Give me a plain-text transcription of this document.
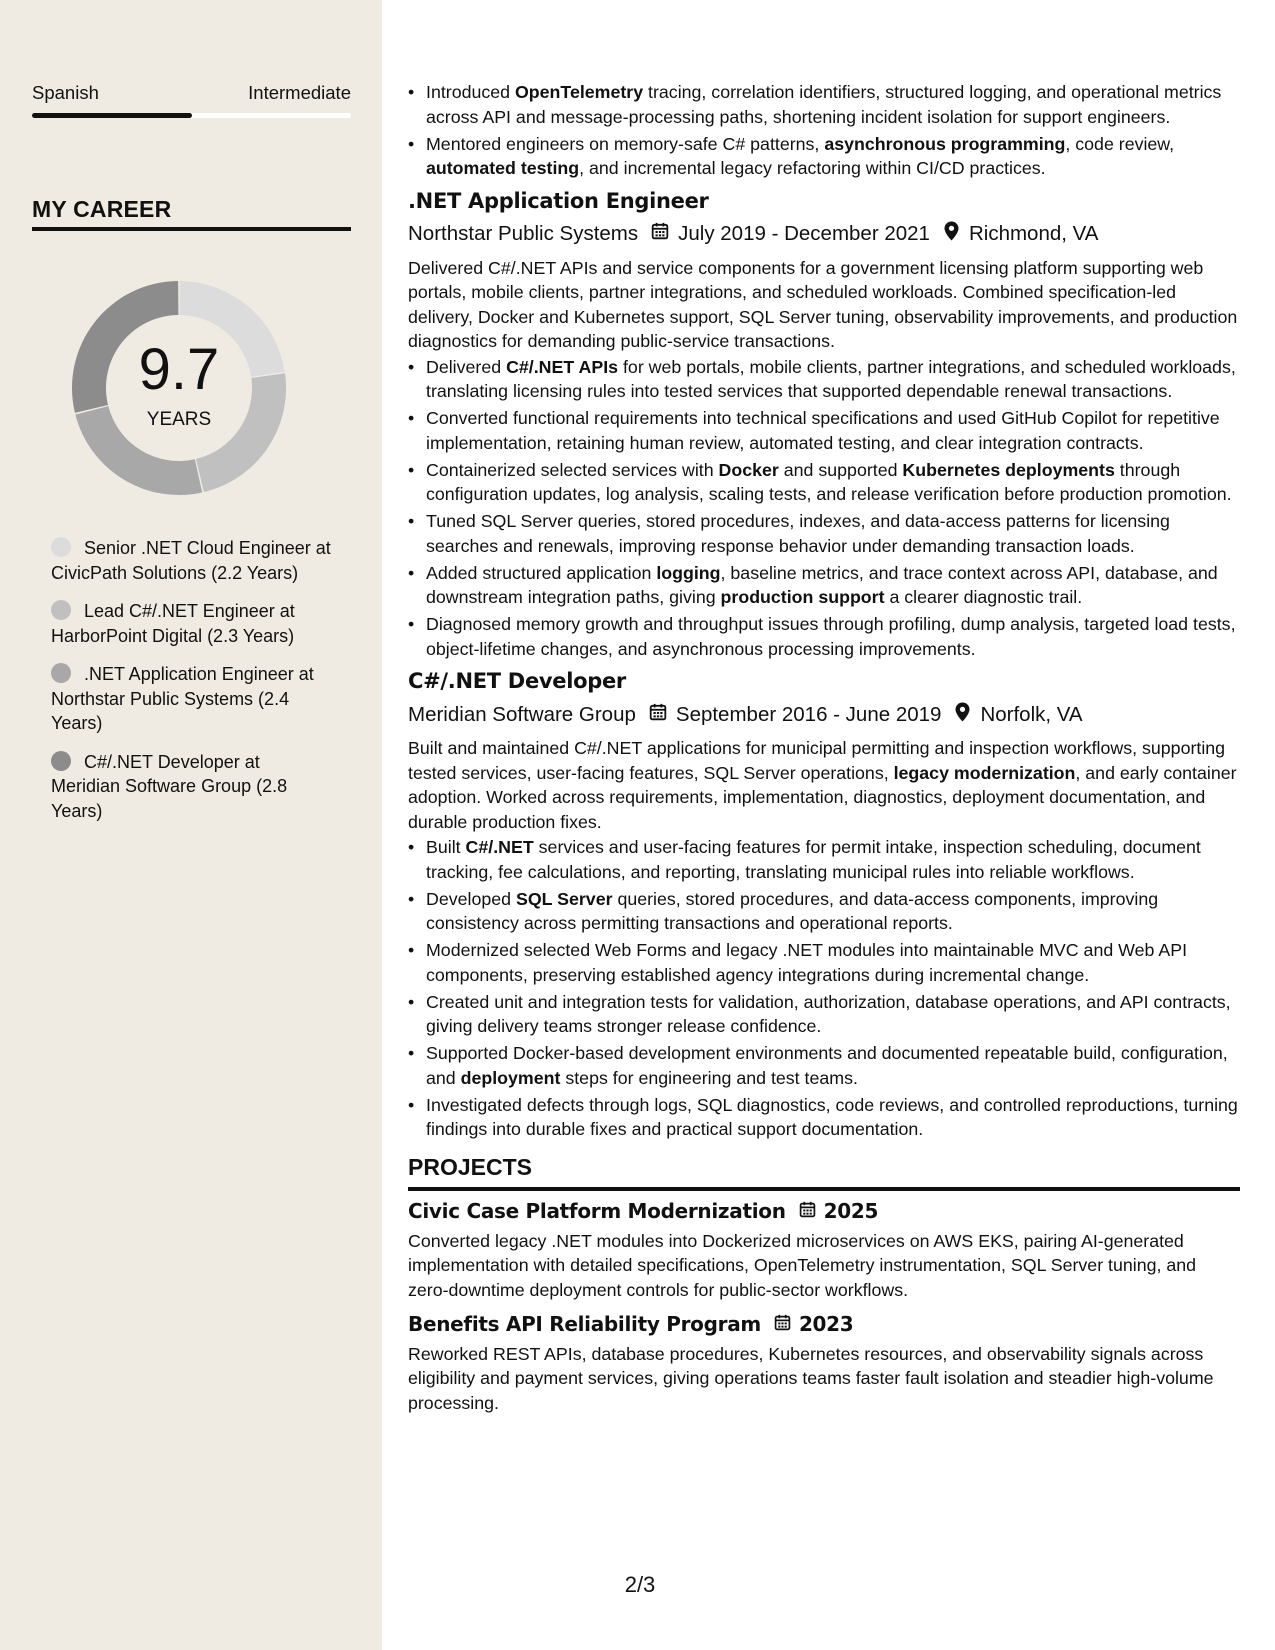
Spanish	Intermediate
MY CAREER
9.7
YEARS
Senior .NET Cloud Engineer at CivicPath Solutions (2.2 Years)
Lead C#/.NET Engineer at HarborPoint Digital (2.3 Years)
.NET Application Engineer at Northstar Public Systems (2.4 Years)
C#/.NET Developer at Meridian Software Group (2.8 Years)
• Introduced OpenTelemetry tracing, correlation identifiers, structured logging, and operational metrics across API and message-processing paths, shortening incident isolation for support engineers.
• Mentored engineers on memory-safe C# patterns, asynchronous programming, code review, automated testing, and incremental legacy refactoring within CI/CD practices.
.NET Application Engineer
Northstar Public Systems July 2019 - December 2021 Richmond, VA
Delivered C#/.NET APIs and service components for a government licensing platform supporting web portals, mobile clients, partner integrations, and scheduled workloads. Combined specification-led delivery, Docker and Kubernetes support, SQL Server tuning, observability improvements, and production diagnostics for demanding public-service transactions.
• Delivered C#/.NET APIs for web portals, mobile clients, partner integrations, and scheduled workloads, translating licensing rules into tested services that supported dependable renewal transactions.
• Converted functional requirements into technical specifications and used GitHub Copilot for repetitive implementation, retaining human review, automated testing, and clear integration contracts.
• Containerized selected services with Docker and supported Kubernetes deployments through configuration updates, log analysis, scaling tests, and release verification before production promotion.
• Tuned SQL Server queries, stored procedures, indexes, and data-access patterns for licensing searches and renewals, improving response behavior under demanding transaction loads.
• Added structured application logging, baseline metrics, and trace context across API, database, and downstream integration paths, giving production support a clearer diagnostic trail.
• Diagnosed memory growth and throughput issues through profiling, dump analysis, targeted load tests, object-lifetime changes, and asynchronous processing improvements.
C#/.NET Developer
Meridian Software Group September 2016 - June 2019 Norfolk, VA
Built and maintained C#/.NET applications for municipal permitting and inspection workflows, supporting tested services, user-facing features, SQL Server operations, legacy modernization, and early container adoption. Worked across requirements, implementation, diagnostics, deployment documentation, and durable production fixes.
• Built C#/.NET services and user-facing features for permit intake, inspection scheduling, document tracking, fee calculations, and reporting, translating municipal rules into reliable workflows.
• Developed SQL Server queries, stored procedures, and data-access components, improving consistency across permitting transactions and operational reports.
• Modernized selected Web Forms and legacy .NET modules into maintainable MVC and Web API components, preserving established agency integrations during incremental change.
• Created unit and integration tests for validation, authorization, database operations, and API contracts, giving delivery teams stronger release confidence.
• Supported Docker-based development environments and documented repeatable build, configuration, and deployment steps for engineering and test teams.
• Investigated defects through logs, SQL diagnostics, code reviews, and controlled reproductions, turning findings into durable fixes and practical support documentation.
PROJECTS
Civic Case Platform Modernization 2025
Converted legacy .NET modules into Dockerized microservices on AWS EKS, pairing AI-generated implementation with detailed specifications, OpenTelemetry instrumentation, SQL Server tuning, and zero-downtime deployment controls for public-sector workflows.
Benefits API Reliability Program 2023
Reworked REST APIs, database procedures, Kubernetes resources, and observability signals across eligibility and payment services, giving operations teams faster fault isolation and steadier high-volume processing.
2/3
